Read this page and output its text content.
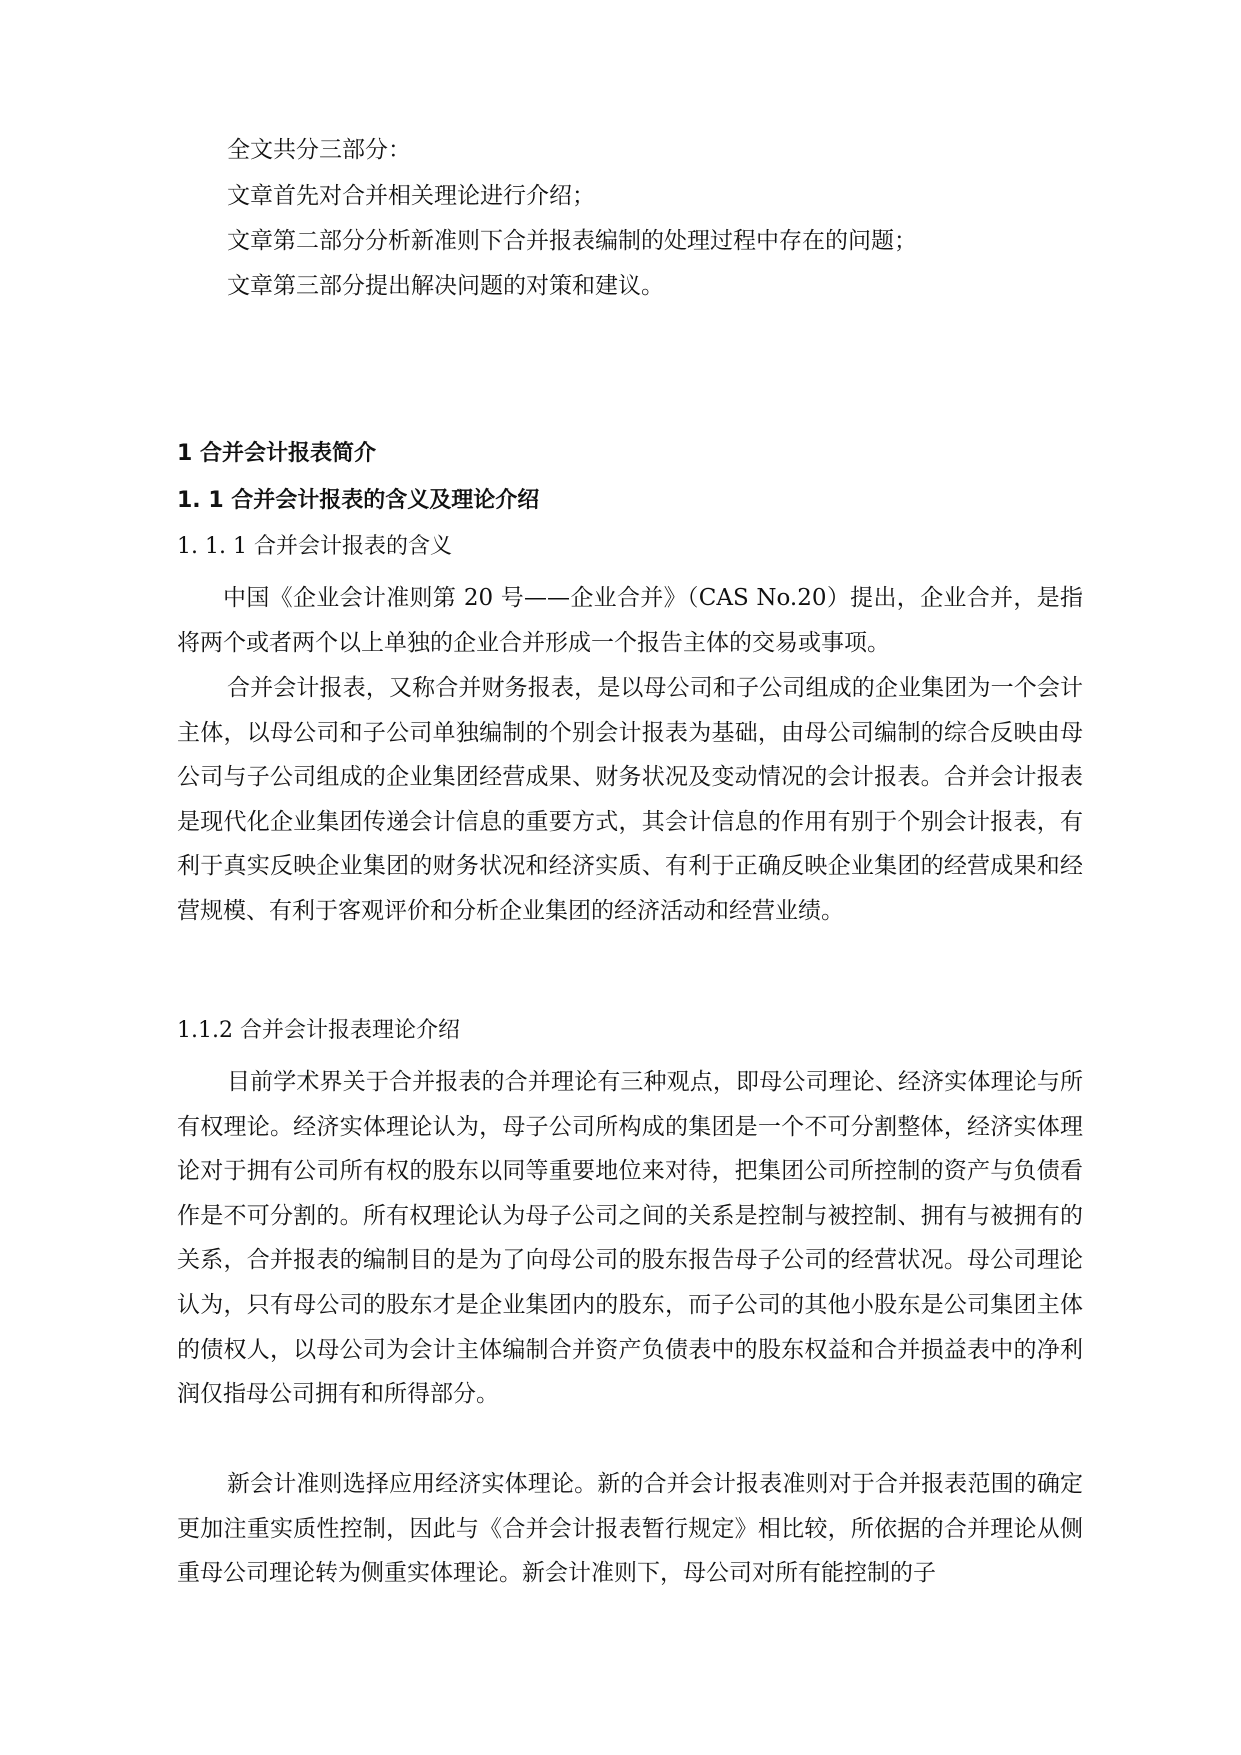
全文共分三部分：
文章首先对合并相关理论进行介绍；
文章第二部分分析新准则下合并报表编制的处理过程中存在的问题；
文章第三部分提出解决问题的对策和建议。
1 合并会计报表简介
1. 1 合并会计报表的含义及理论介绍
1. 1. 1 合并会计报表的含义
中国《企业会计准则第 20 号——企业合并》（CAS No.20）提出，企业合并，是指将两个或者两个以上单独的企业合并形成一个报告主体的交易或事项。
合并会计报表，又称合并财务报表，是以母公司和子公司组成的企业集团为一个会计主体，以母公司和子公司单独编制的个别会计报表为基础，由母公司编制的综合反映由母公司与子公司组成的企业集团经营成果、财务状况及变动情况的会计报表。合并会计报表是现代化企业集团传递会计信息的重要方式，其会计信息的作用有别于个别会计报表，有利于真实反映企业集团的财务状况和经济实质、有利于正确反映企业集团的经营成果和经营规模、有利于客观评价和分析企业集团的经济活动和经营业绩。
1.1.2 合并会计报表理论介绍
目前学术界关于合并报表的合并理论有三种观点，即母公司理论、经济实体理论与所有权理论。经济实体理论认为，母子公司所构成的集团是一个不可分割整体，经济实体理论对于拥有公司所有权的股东以同等重要地位来对待，把集团公司所控制的资产与负债看作是不可分割的。所有权理论认为母子公司之间的关系是控制与被控制、拥有与被拥有的关系，合并报表的编制目的是为了向母公司的股东报告母子公司的经营状况。母公司理论认为，只有母公司的股东才是企业集团内的股东，而子公司的其他小股东是公司集团主体的债权人，以母公司为会计主体编制合并资产负债表中的股东权益和合并损益表中的净利润仅指母公司拥有和所得部分。
新会计准则选择应用经济实体理论。新的合并会计报表准则对于合并报表范围的确定更加注重实质性控制，因此与《合并会计报表暂行规定》相比较，所依据的合并理论从侧重母公司理论转为侧重实体理论。新会计准则下，母公司对所有能控制的子
